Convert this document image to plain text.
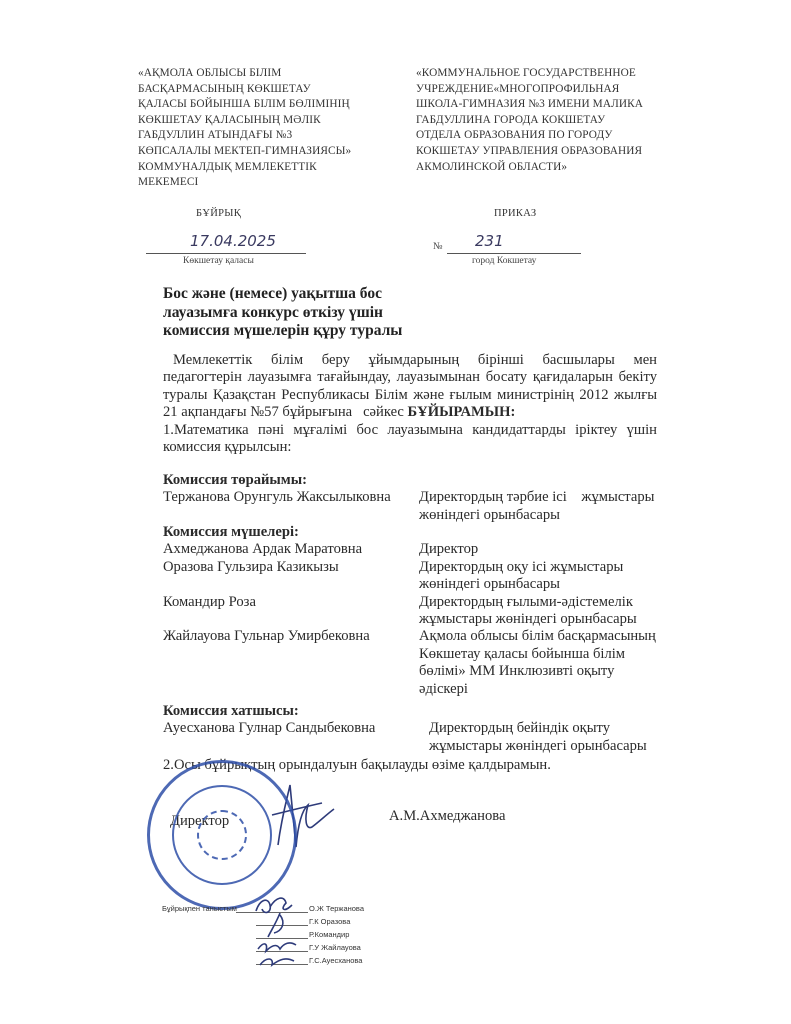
«АҚМОЛА ОБЛЫСЫ БІЛІМ
БАСҚАРМАСЫНЫҢ КӨКШЕТАУ
ҚАЛАСЫ БОЙЫНША БІЛІМ БӨЛІМІНІҢ
КӨКШЕТАУ ҚАЛАСЫНЫҢ МӘЛІК
ГАБДУЛЛИН АТЫНДАҒЫ №3
КӨПСАЛАЛЫ МЕКТЕП-ГИМНАЗИЯСЫ»
КОММУНАЛДЫҚ МЕМЛЕКЕТТІК
МЕКЕМЕСІ
«КОММУНАЛЬНОЕ ГОСУДАРСТВЕННОЕ
УЧРЕЖДЕНИЕ«МНОГОПРОФИЛЬНАЯ
ШКОЛА-ГИМНАЗИЯ №3 ИМЕНИ МАЛИКА
ГАБДУЛЛИНА ГОРОДА КОКШЕТАУ
ОТДЕЛА ОБРАЗОВАНИЯ ПО ГОРОДУ
КОКШЕТАУ УПРАВЛЕНИЯ ОБРАЗОВАНИЯ
АКМОЛИНСКОЙ ОБЛАСТИ»
БҰЙРЫҚ	ПРИКАЗ
17.04.2025
Көкшетау қаласы
№ 231
город Кокшетау
Бос және (немесе) уақытша бос
лауазымға конкурс өткізу үшін
комиссия мүшелерін құру туралы
Мемлекеттік білім беру ұйымдарының бірінші басшылары мен
педагогтерін лауазымға тағайындау, лауазымынан босату қағидаларын бекіту
туралы Қазақстан Республикасы Білім және ғылым министрінің 2012 жылғы
21 ақпандағы №57 бұйрығына   сәйкес БҰЙЫРАМЫН:
1.Математика пәні мұғалімі бос лауазымына кандидаттарды іріктеу үшін
комиссия құрылсын:
Комиссия төрайымы:
Тержанова Орунгуль Жаксылыковна	Директордың тәрбие ісі    жұмыстары
жөніндегі орынбасары
Комиссия мүшелері:
Ахмеджанова Ардак Маратовна	Директор
Оразова Гульзира Казикызы	Директордың оқу ісі жұмыстары
жөніндегі орынбасары
Командир Роза	Директордың ғылыми-әдістемелік
жұмыстары жөніндегі орынбасары
Жайлауова Гульнар Умирбековна	Ақмола облысы білім басқармасының
Көкшетау қаласы бойынша білім
бөлімі» ММ Инклюзивті оқыту
әдіскері
Комиссия хатшысы:
Ауесханова Гулнар Сандыбековна	Директордың бейіндік оқыту
жұмыстары жөніндегі орынбасары
2.Осы бұйрықтың орындалуын бақылауды өзіме қалдырамын.
Директор	А.М.Ахмеджанова
Бұйрықпен таныстым	О.Ж Тержанова
Г.К Оразова
Р.Командир
Г.У Жайлауова
Г.С.Ауесханова
